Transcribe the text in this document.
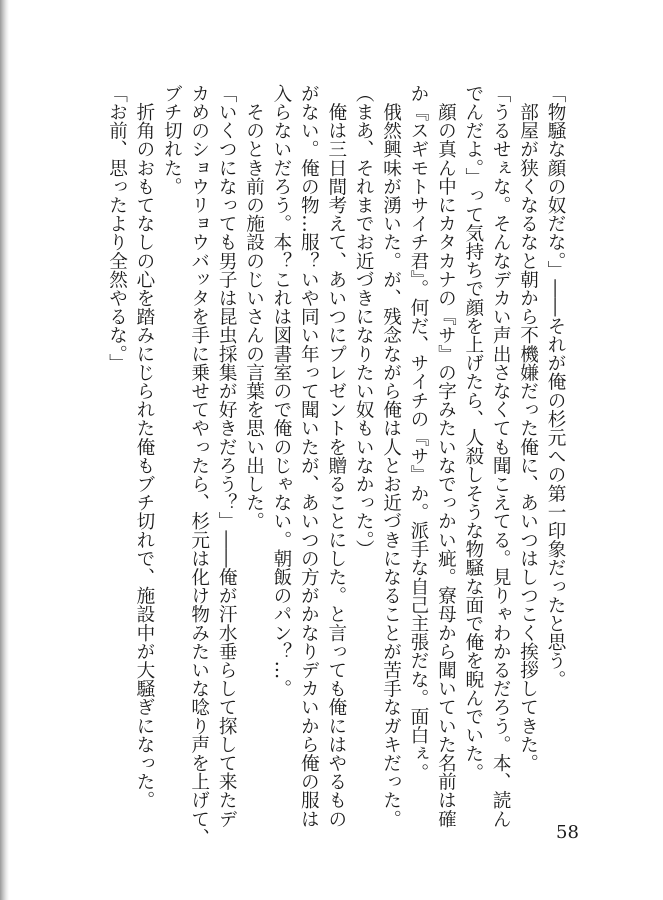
「物騒な顔の奴だな。」――それが俺の杉元への第一印象だったと思う。
　部屋が狭くなるなと朝から不機嫌だった俺に、あいつはしつこく挨拶してきた。
「うるせぇな。そんなデカい声出さなくても聞こえてる。見りゃわかるだろう。本、読ん
でんだよ。」って気持ちで顔を上げたら、人殺しそうな物騒な面で俺を睨んでいた。
　顔の真ん中にカタカナの『サ』の字みたいなでっかい疵。寮母から聞いていた名前は確
か『スギモトサイチ君』。何だ、サイチの『サ』か。派手な自己主張だな。面白ぇ。
　俄然興味が湧いた。が、残念ながら俺は人とお近づきになることが苦手なガキだった。
（まあ、それまでお近づきになりたい奴もいなかった。）
　俺は三日間考えて、あいつにプレゼントを贈ることにした。と言っても俺にはやるもの
がない。俺の物…服？いや同い年って聞いたが、あいつの方がかなりデカいから俺の服は
入らないだろう。本？これは図書室ので俺のじゃない。朝飯のパン？…。
　そのとき前の施設のじいさんの言葉を思い出した。
「いくつになっても男子は昆虫採集が好きだろう？」――俺が汗水垂らして探して来たデ
カめのショウリョウバッタを手に乗せてやったら、杉元は化け物みたいな唸り声を上げて、
ブチ切れた。
　折角のおもてなしの心を踏みにじられた俺もブチ切れで、施設中が大騒ぎになった。
「お前、思ったより全然やるな。」
58
